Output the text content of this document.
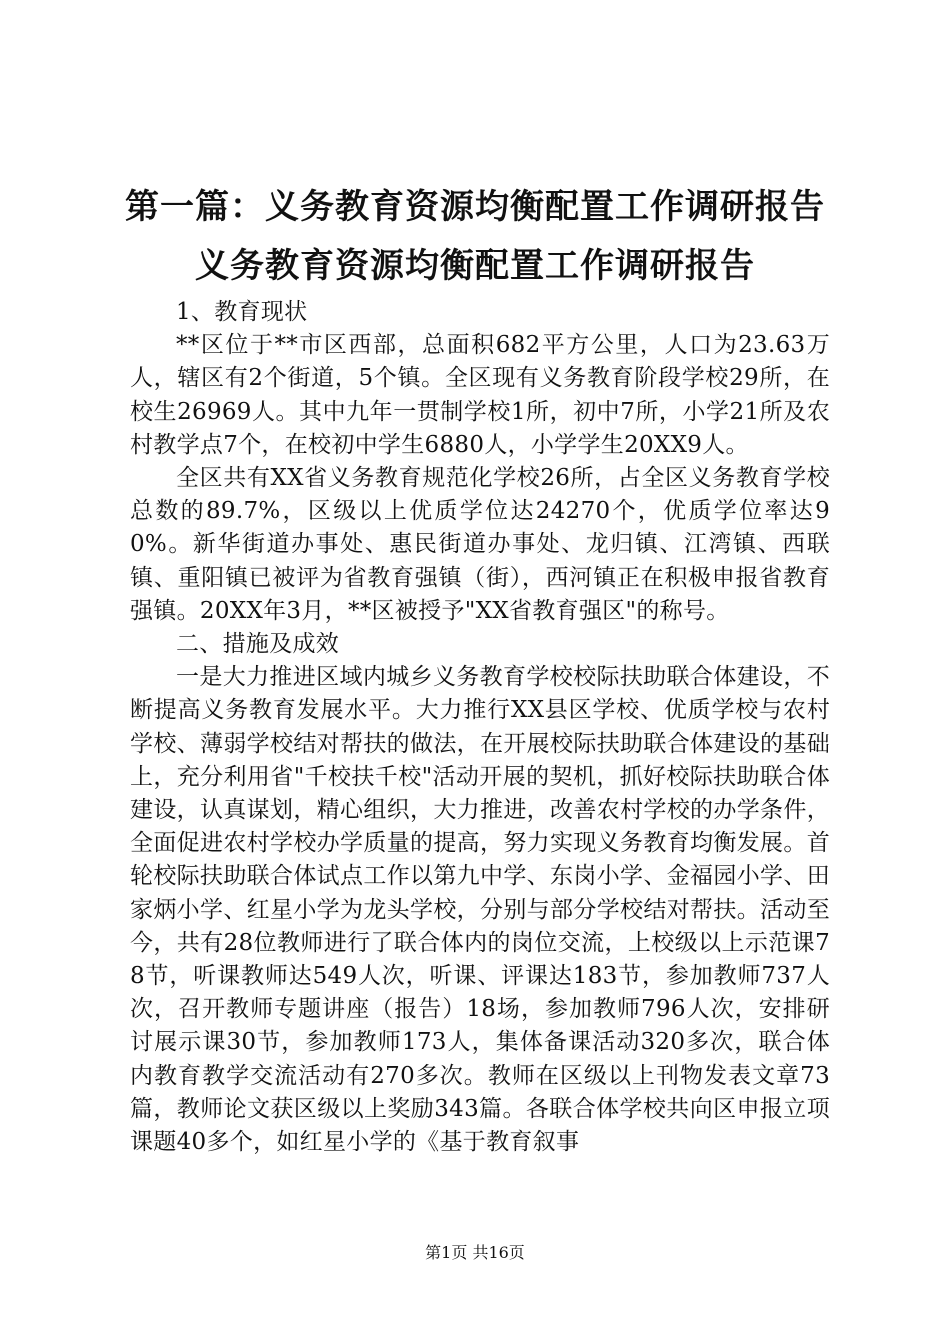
第一篇：义务教育资源均衡配置工作调研报告
义务教育资源均衡配置工作调研报告

1、教育现状

**区位于**市区西部，总面积682平方公里，人口为23.63万人，辖区有2个街道，5个镇。全区现有义务教育阶段学校29所，在校生26969人。其中九年一贯制学校1所，初中7所，小学21所及农村教学点7个，在校初中学生6880人，小学学生20XX9人。

全区共有XX省义务教育规范化学校26所，占全区义务教育学校总数的89.7%，区级以上优质学位达24270个，优质学位率达90%。新华街道办事处、惠民街道办事处、龙归镇、江湾镇、西联镇、重阳镇已被评为省教育强镇（街），西河镇正在积极申报省教育强镇。20XX年3月，**区被授予"XX省教育强区"的称号。

二、措施及成效

一是大力推进区域内城乡义务教育学校校际扶助联合体建设，不断提高义务教育发展水平。大力推行XX县区学校、优质学校与农村学校、薄弱学校结对帮扶的做法，在开展校际扶助联合体建设的基础上，充分利用省"千校扶千校"活动开展的契机，抓好校际扶助联合体建设，认真谋划，精心组织，大力推进，改善农村学校的办学条件，全面促进农村学校办学质量的提高，努力实现义务教育均衡发展。首轮校际扶助联合体试点工作以第九中学、东岗小学、金福园小学、田家炳小学、红星小学为龙头学校，分别与部分学校结对帮扶。活动至今，共有28位教师进行了联合体内的岗位交流，上校级以上示范课78节，听课教师达549人次，听课、评课达183节，参加教师737人次，召开教师专题讲座（报告）18场，参加教师796人次，安排研讨展示课30节，参加教师173人，集体备课活动320多次，联合体内教育教学交流活动有270多次。教师在区级以上刊物发表文章73篇，教师论文获区级以上奖励343篇。各联合体学校共向区申报立项课题40多个，如红星小学的《基于教育叙事

第1页 共16页
